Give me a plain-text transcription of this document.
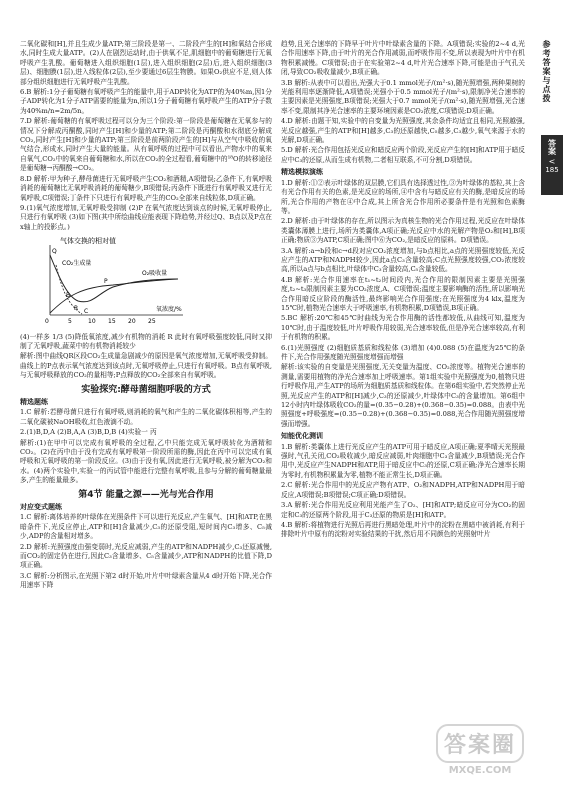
二氧化碳和[H],并且生成少量ATP;第三阶段是第一、二阶段产生的[H]和氧结合形成水,同时生成大量ATP。(2)人在剧烈运动时,由于供氧不足,肌细胞中的葡萄糖进行无氧呼吸产生乳酸。葡萄糖进入组织细胞(1层),进入组织细胞(2层)后,进入组织细胞(3层)、细胞膜(1层),进入线粒体(2层),至少要通过6层生物膜。如果O₂供应不足,则人体部分组织细胞进行无氧呼吸产生乳酸。

6.B 解析:1分子葡萄糖有氧呼吸产生的能量中,用于ADP转化为ATP的为40%m,因1分子ADP转化为1分子ATP需要的能量为n,所以1分子葡萄糖有氧呼吸产生的ATP分子数为40%m/n=2m/5n。

7.D 解析:葡萄糖的有氧呼吸过程可以分为三个阶段:第一阶段是葡萄糖在无氧参与的情况下分解成丙酮酸,同时产生[H]和少量的ATP;第二阶段是丙酮酸和水彻底分解成CO₂,同时产生[H]和少量的ATP;第三阶段是前两阶段产生的[H]与从空气中吸收的氧气结合,形成水,同时产生大量的能量。从有氧呼吸的过程中可以看出,产物水中的氧来自氧气,CO₂中的氧来自葡萄糖和水,所以在CO₂的全过程看,葡萄糖中的¹⁸O的转移途径是葡萄糖→丙酮酸→CO₂。

8.D 解析:甲为种子,酵母菌进行无氧呼吸产生CO₂和酒精,A项错误;乙条件下,有氧呼吸消耗的葡萄糖比无氧呼吸消耗的葡萄糖少,B项错误;丙条件下既进行有氧呼吸又进行无氧呼吸,C项错误;丁条件下只进行有氧呼吸,产生的CO₂全部来自线粒体,D项正确。

9.(1)氧气浓度增加,无氧呼吸受抑制 (2)P 在氧气浓度达到该点的时候,无氧呼吸停止,只进行有氧呼吸 (3)如下图(其中所绘曲线应能表现下降趋势,并经过Q、B点以及P点在x轴上的投影点。)

气体交换的相对值
CO₂生成量
O₂吸收量
Q
R
P
B
C
0	5	10 15 20 25
氧浓度/%

(4)一样多 1/3 (5)降低氧浓度,减少有机物的消耗 R 此时有氧呼吸强度较低,同时又抑制了无氧呼吸,蔬菜中的有机物消耗较少

解析:图中曲线QR区段CO₂生成量急剧减少的原因是氧气浓度增加,无氧呼吸受抑制。曲线上的P点表示氧气浓度达到该点时,无氧呼吸停止,只进行有氧呼吸。B点有氧呼吸,与无氧呼吸释放的CO₂的量相等;P点释放的CO₂全部来自有氧呼吸。

实验探究:酵母菌细胞呼吸的方式
精选题练

1.C 解析:若酵母菌只进行有氧呼吸,则消耗的氧气和产生的二氧化碳体积相等,产生的二氧化碳被NaOH吸收,红色液滴不动。

2.(1)B,D,A (2)B,A,A (3)B,D,B (4)实验一 丙

解析:(1)在甲中可以完成有氧呼吸的全过程,乙中只能完成无氧呼吸转化为酒精和CO₂。(2)在丙中由于没有完成有氧呼吸第一阶段所需的酶,因此在丙中可以完成有氧呼吸和无氧呼吸的第一阶段反应。(3)由于没有氧,因此进行无氧呼吸,被分解为CO₂和水。(4)两个实验中,实验一的丙试管中能进行完整有氧呼吸,且参与分解的葡萄糖量最多,产生的能量最多。

第4节 能量之源——光与光合作用
对应变式题练

1.C 解析:离体培养的叶绿体在光照条件下可以进行光反应,产生氧气、[H]和ATP,在黑暗条件下,光反应停止,ATP和[H]含量减少,C₃的还原受阻,短时间内C₃增多、C₅减少,ADP的含量相对增多。

2.D 解析:光照强度由强变弱时,光反应减弱,产生的ATP和NADPH减少,C₃还原减慢,而CO₂的固定仍在进行,因此C₃含量增多、C₅含量减少,ATP和NADPH的比值下降,D项正确。

3.C 解析:分析图示,在光照下第2 d时开始,叶片中叶绿素含量从4 d时开始下降,光合作用速率下降

趋势,且光合速率的下降早于叶片中叶绿素含量的下降。A项错误;实验的2~4 d,光合作用速率下降,由于叶片的光合作用减弱,而呼吸作用不变,所以表现为叶片中有机物积累减慢。C项错误;由于在实验第2~4 d,叶片光合速率下降,可能是由于气孔关闭,导致CO₂吸收量减少,B项正确。

3.B 解析:从表中可以看出,光强大于0.1 mmol光子/(m²·s),随光照增强,两种果树的光能利用率逐渐降低,A项错误;光强小于0.5 mmol光子/(m²·s),限制净光合速率的主要因素是光照强度,B项错误;光强大于0.7 mmol光子/(m²·s),随光照增强,光合速率不变,限制其净光合速率的主要环境因素是CO₂浓度,C项错误;D项正确。

4.D 解析:由题干知,实验中的自变量为光照强度,其余条件均适宜且相同,光照越强,光反应越强,产生的ATP和[H]越多,C₃的还原越快,C₅越多,C₃越少,氧气来源于水的光解,D项正确。

5.D 解析:光合作用包括光反应和暗反应两个阶段,光反应产生的[H]和ATP用于暗反应中C₃的还原,从而生成有机物,二者相互联系,不可分割,D项错误。

精选模拟演练

1.D 解析:①②表示叶绿体的双层膜,它们具有选择透过性,③为叶绿体的基粒,其上含有光合作用有关的色素,是光反应的场所,④中含有与暗反应有关的酶,是暗反应的场所,光合作用的产物在④中合成,其上所含光合作用所必要条件是有光照和色素酶等。

2.D 解析:由于叶绿体的存在,所以图示为真核生物的光合作用过程,光反应在叶绿体类囊体薄膜上进行,场所为类囊体,A项正确;光反应中水的光解产物是O₂和[H],B项正确;物质③为ATP,C项正确;图中⑥为CO₂,是暗反应的原料。D项错误。

3.A 解析:a→b段和c→d段对应CO₂浓度增加,与b点相比,a点的光照强度较低,光反应产生的ATP和NADPH较少,因此a点C₃含量较高;C点光照强度较强,CO₂浓度较高,所以a点与b点相比,叶绿体中C₃含量较高,C₅含量较低。

4.B 解析:光合作用速率在t₁~t₂时间段内,光合作用的限制因素主要是光照强度,t₂~t₃限制因素主要为CO₂浓度,A、C项错误;温度主要影响酶的活性,所以影响光合作用暗反应阶段的酶活性,最终影响光合作用强度;在光照强度为4 klx,温度为15℃时,植物光合速率大于呼吸速率,有机物积累,D项错误,B项正确。

5.BC 解析:20℃和45℃时曲线为光合作用酶的活性都较低,从曲线可知,温度为10℃时,由于温度较低,叶片呼吸作用较弱,光合速率较低,但是净光合速率较高,有利于有机物的积累。

6.(1)光照强度 (2)细胞质基质和线粒体 (3)增加 (4)0.088 (5)在温度为25℃的条件下,光合作用强度随光照强度增强而增强

解析:该实验的自变量是光照强度,无关变量为温度、CO₂浓度等。植物光合速率的测量,需要用植物的净光合速率加上呼吸速率。第1组实验中光照强度为0,植物只进行呼吸作用,产生ATP的场所为细胞质基质和线粒体。在第6组实验中,若突然停止光照,光反应产生的ATP和[H]减少,C₃的还原减少,叶绿体中C₃的含量增加。第6组中12小时内叶绿体吸收CO₂的量=(0.35−0.28)+(0.368−0.35)=0.088。由表中光照强度+呼吸强度=(0.35−0.28)+(0.368−0.35)=0.088,光合作用随光照强度增强而增强。

知能优化测训

1.B 解析:类囊体上进行光反应产生的ATP可用于暗反应,A项正确;夏季晴天光照最强时,气孔关闭,CO₂吸收减少,暗反应减弱,叶肉细胞中C₃含量减少,B项错误;光合作用中,光反应产生NADPH和ATP,用于暗反应中C₃的还原,C项正确;净光合速率长期为零时,有机物积累量为零,植物不能正常生长,D项正确。

2.C 解析:光合作用中的光反应产物有ATP、O₂和NADPH,ATP和NADPH用于暗反应,A项错误;B项错误;C项正确;D项错误。

3.A 解析:光合作用光反应利用光能产生了O₂、[H]和ATP;暗反应可分为CO₂的固定和C₃的还原两个阶段,用于C₃还原的物质是[H]和ATP。

4.B 解析:将植物进行光照后再进行黑暗处理,叶片中的淀粉在黑暗中被消耗,有利于排除叶片中原有的淀粉对实验结果的干扰,然后用不同颜色的光照射叶片

参考答案与点拨
答案
<
185
答案圈
MXQE.COM
